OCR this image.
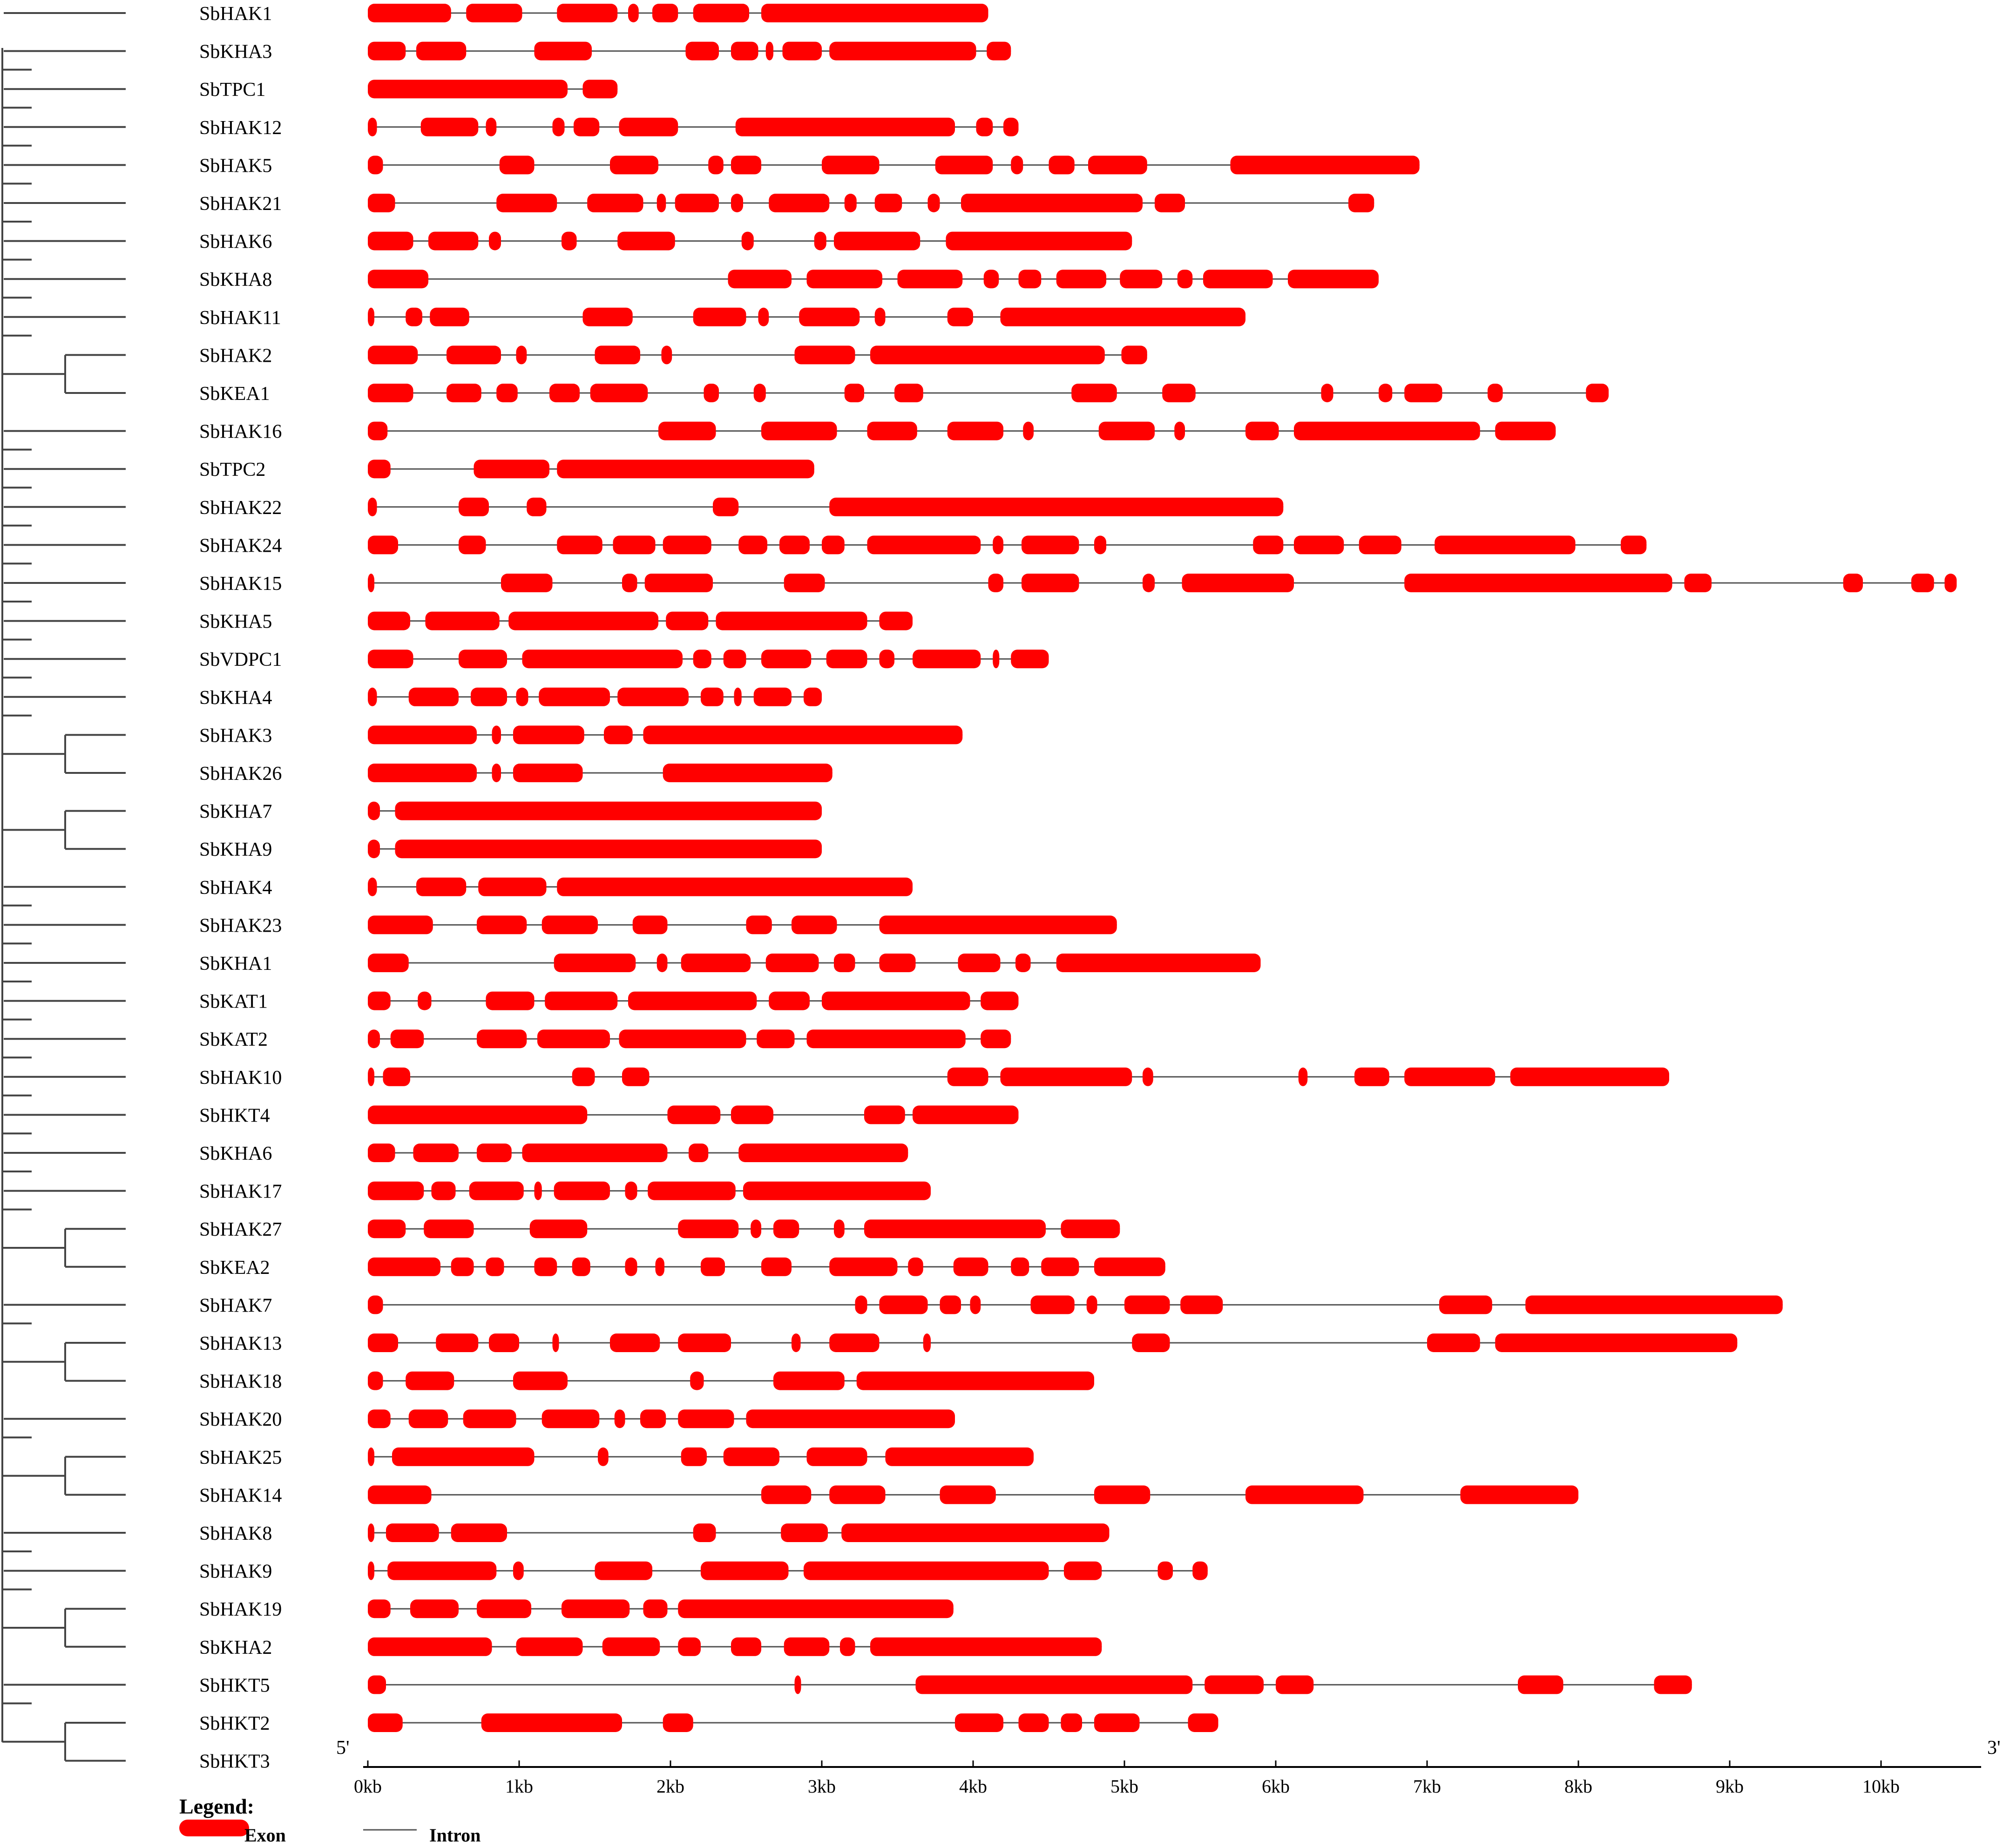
SbHAK1
SbKHA3
SbTPC1
SbHAK12
SbHAK5
SbHAK21
SbHAK6
SbKHA8
SbHAK11
SbHAK2
SbKEA1
SbHAK16
SbTPC2
SbHAK22
SbHAK24
SbHAK15
SbKHA5
SbVDPC1
SbKHA4
SbHAK3
SbHAK26
SbKHA7
SbKHA9
SbHAK4
SbHAK23
SbKHA1
SbKAT1
SbKAT2
SbHAK10
SbHKT4
SbKHA6
SbHAK17
SbHAK27
SbKEA2
SbHAK7
SbHAK13
SbHAK18
SbHAK20
SbHAK25
SbHAK14
SbHAK8
SbHAK9
SbHAK19
SbKHA2
SbHKT5
SbHKT2
SbHKT3
5'	3'
0kb	1kb	2kb	3kb	4kb	5kb	6kb	7kb	8kb	9kb	10kb
Legend:
Exon	Intron
